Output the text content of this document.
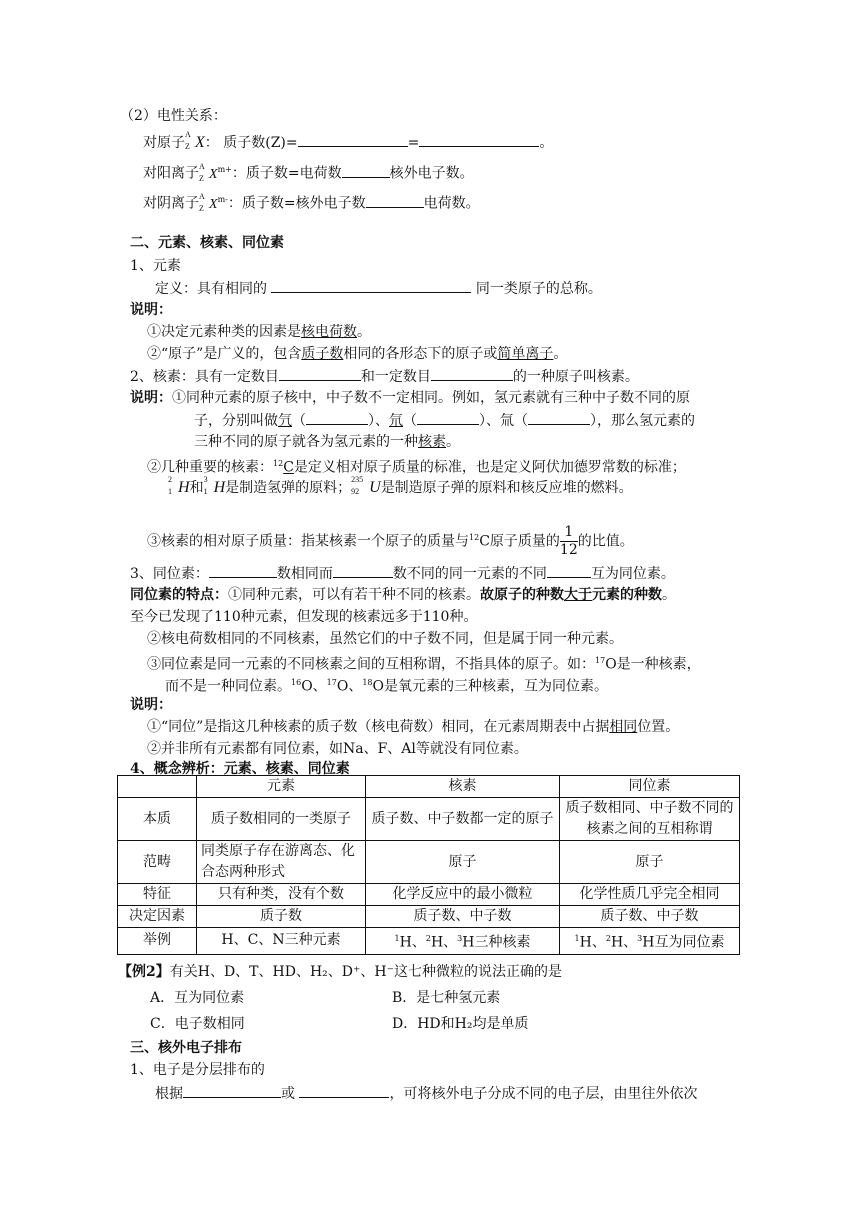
（2）电性关系：
对原子
A
Z X： 质子数(Z)=	=	。
对阳离子 A
Z $X^{m+}$：质子数=电荷数	核外电子数。
对阴离子 A
Z $X^{m-}$：质子数=核外电子数	电荷数。
二、元素、核素、同位素
1、元素
定义：具有相同的	同一类原子的总称。
说明：
①决定元素种类的因素是核电荷数。
②“原子”是广义的，包含质子数相同的各形态下的原子或简单离子。
2、核素：具有一定数目	和一定数目	的一种原子叫核素。
说明：①同种元素的原子核中，中子数不一定相同。例如，氢元素就有三种中子数不同的原
子，分别叫做氕（	）、氘（	）、氚（	），那么氢元素的
三种不同的原子就各为氢元素的一种核素。
②几种重要的核素：$^{12}$C是定义相对原子质量的标准，也是定义阿伏加德罗常数的标准；
2
1 H和
3
1 H是制造氢弹的原料；
235
92 U是制造原子弹的原料和核反应堆的燃料。
③核素的相对原子质量：指某核素一个原子的质量与$^{12}$C原子质量的 $\frac{1}{12}$ 的比值。
3、同位素：	数相同而	数不同的同一元素的不同	互为同位素。
同位素的特点：①同种元素，可以有若干种不同的核素。故原子的种数大于元素的种数。
至今已发现了110种元素，但发现的核素远多于110种。
②核电荷数相同的不同核素，虽然它们的中子数不同，但是属于同一种元素。
③同位素是同一元素的不同核素之间的互相称谓，不指具体的原子。如：$^{17}$O是一种核素，
而不是一种同位素。$^{16}$O、$^{17}$O、$^{18}$O是氧元素的三种核素，互为同位素。
说明：
①“同位”是指这几种核素的质子数（核电荷数）相同，在元素周期表中占据相同位置。
②并非所有元素都有同位素，如Na、F、Al等就没有同位素。
4、概念辨析：元素、核素、同位素
	元素	核素	同位素
本质	质子数相同的一类原子	质子数、中子数都一定的原子	质子数相同、中子数不同的核素之间的互相称谓
范畴	同类原子存在游离态、化合态两种形式	原子	原子
特征	只有种类，没有个数	化学反应中的最小微粒	化学性质几乎完全相同
决定因素	质子数	质子数、中子数	质子数、中子数
举例	H、C、N三种元素	$^1$H、$^2$H、$^3$H三种核素	$^1$H、$^2$H、$^3$H互为同位素
【例2】有关H、D、T、HD、H₂、D⁺、H⁻这七种微粒的说法正确的是
A．互为同位素	B．是七种氢元素
C．电子数相同	D．HD和H₂均是单质
三、核外电子排布
1、电子是分层排布的
根据	或	，可将核外电子分成不同的电子层，由里往外依次
